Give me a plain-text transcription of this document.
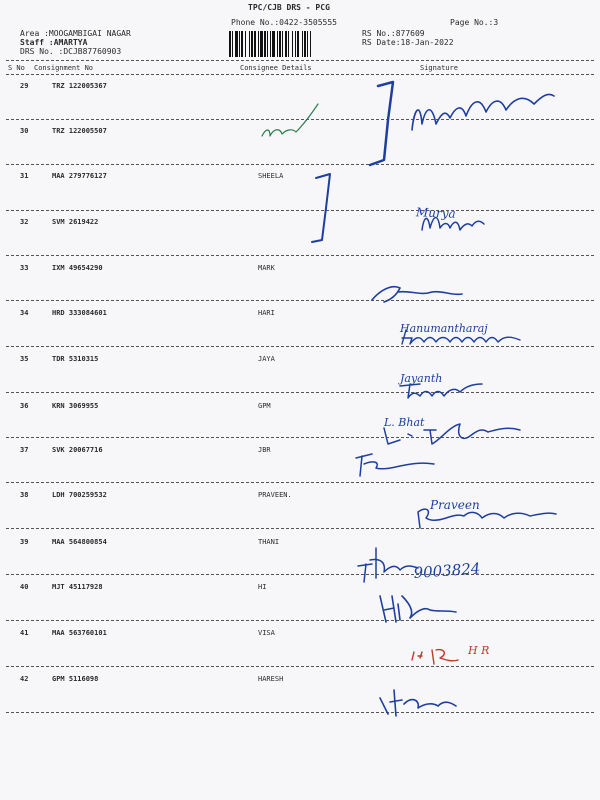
TPC/CJB DRS - PCG
Phone No.:0422-3505555	Page No.:3
Area :MOOGAMBIGAI NAGAR
Staff :AMARTYA
DRS No. :DCJB87760903
RS No.:877609
RS Date:18-Jan-2022
S No Consignment No	Consignee Details	Signature
29	TRZ 122005367
30	TRZ 122005507
31	MAA 279776127	SHEELA
32	SVM 2619422
33	IXM 49654290	MARK
34	HRD 333084601	HARI
35	TDR 5310315	JAYA
36	KRN 3069955	GPM
37	SVK 20067716	JBR
38	LDH 700259532	PRAVEEN.
39	MAA 564800854	THANI
40	MJT 45117928	HI
41	MAA 563760101	VISA
42	GPM 5116098	HARESH
9003824
Murya
Hanumantharaj
Jayanth
L. Bhat
Praveen
H R
